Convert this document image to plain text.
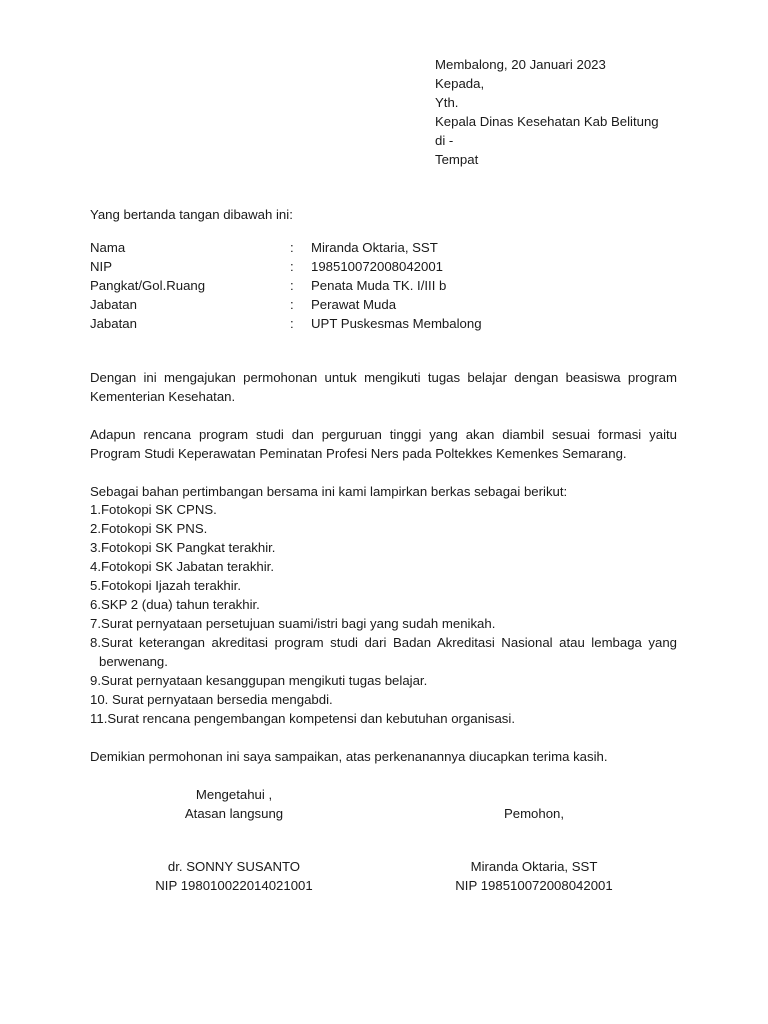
Membalong, 20 Januari 2023
Kepada,
Yth.
Kepala Dinas Kesehatan Kab Belitung
di -
Tempat
Yang bertanda tangan dibawah ini:
Nama	: Miranda Oktaria, SST
NIP	: 198510072008042001
Pangkat/Gol.Ruang	: Penata Muda TK. I/III b
Jabatan	: Perawat Muda
Jabatan	: UPT Puskesmas Membalong
Dengan ini mengajukan permohonan untuk mengikuti tugas belajar dengan beasiswa program Kementerian Kesehatan.
Adapun rencana program studi dan perguruan tinggi yang akan diambil sesuai formasi yaitu Program Studi Keperawatan Peminatan Profesi Ners pada Poltekkes Kemenkes Semarang.
Sebagai bahan pertimbangan bersama ini kami lampirkan berkas sebagai berikut:
1.Fotokopi SK CPNS.
2.Fotokopi SK PNS.
3.Fotokopi SK Pangkat terakhir.
4.Fotokopi SK Jabatan terakhir.
5.Fotokopi Ijazah terakhir.
6.SKP 2 (dua) tahun terakhir.
7.Surat pernyataan persetujuan suami/istri bagi yang sudah menikah.
8.Surat keterangan akreditasi program studi dari Badan Akreditasi Nasional atau lembaga yang
berwenang.
9.Surat pernyataan kesanggupan mengikuti tugas belajar.
10. Surat pernyataan bersedia mengabdi.
11.Surat rencana pengembangan kompetensi dan kebutuhan organisasi.
Demikian permohonan ini saya sampaikan, atas perkenanannya diucapkan terima kasih.
Mengetahui ,
Atasan langsung	Pemohon,
dr. SONNY SUSANTO
NIP 198010022014021001
Miranda Oktaria, SST
NIP 198510072008042001
